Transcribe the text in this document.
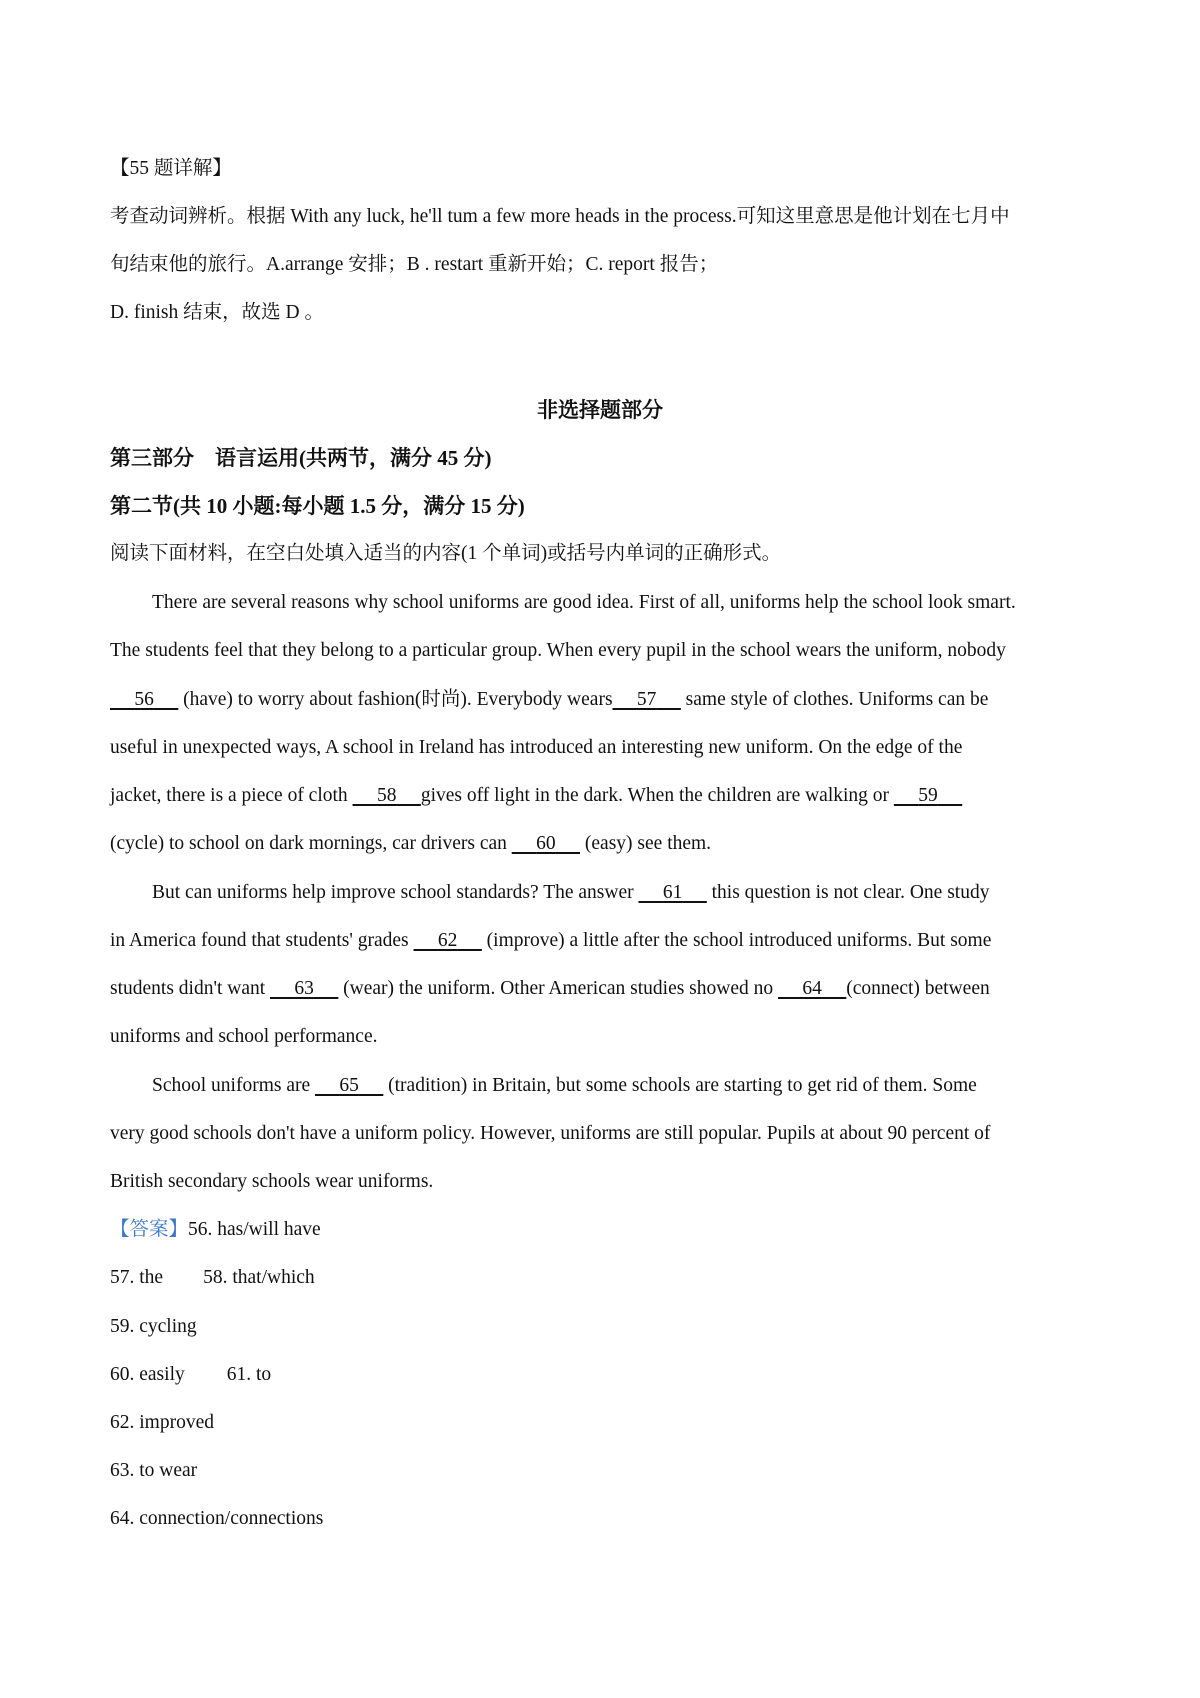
【55 题详解】
考查动词辨析。根据 With any luck, he'll tum a few more heads in the process.可知这里意思是他计划在七月中
旬结束他的旅行。A.arrange 安排；B . restart 重新开始；C. report 报告；
D. finish 结束，故选 D 。
非选择题部分
第三部分　语言运用(共两节，满分 45 分)
第二节(共 10 小题:每小题 1.5 分，满分 15 分)
阅读下面材料，在空白处填入适当的内容(1 个单词)或括号内单词的正确形式。
There are several reasons why school uniforms are good idea. First of all, uniforms help the school look smart.
The students feel that they belong to a particular group. When every pupil in the school wears the uniform, nobody
56 (have) to worry about fashion(时尚). Everybody wears 57 same style of clothes. Uniforms can be
useful in unexpected ways, A school in Ireland has introduced an interesting new uniform. On the edge of the
jacket, there is a piece of cloth 58 gives off light in the dark. When the children are walking or 59
(cycle) to school on dark mornings, car drivers can 60 (easy) see them.
But can uniforms help improve school standards? The answer 61 this question is not clear. One study
in America found that students' grades 62 (improve) a little after the school introduced uniforms. But some
students didn't want 63 (wear) the uniform. Other American studies showed no 64 (connect) between
uniforms and school performance.
School uniforms are 65 (tradition) in Britain, but some schools are starting to get rid of them. Some
very good schools don't have a uniform policy. However, uniforms are still popular. Pupils at about 90 percent of
British secondary schools wear uniforms.
【答案】56. has/will have
57. the 58. that/which
59. cycling
60. easily 61. to
62. improved
63. to wear
64. connection/connections
